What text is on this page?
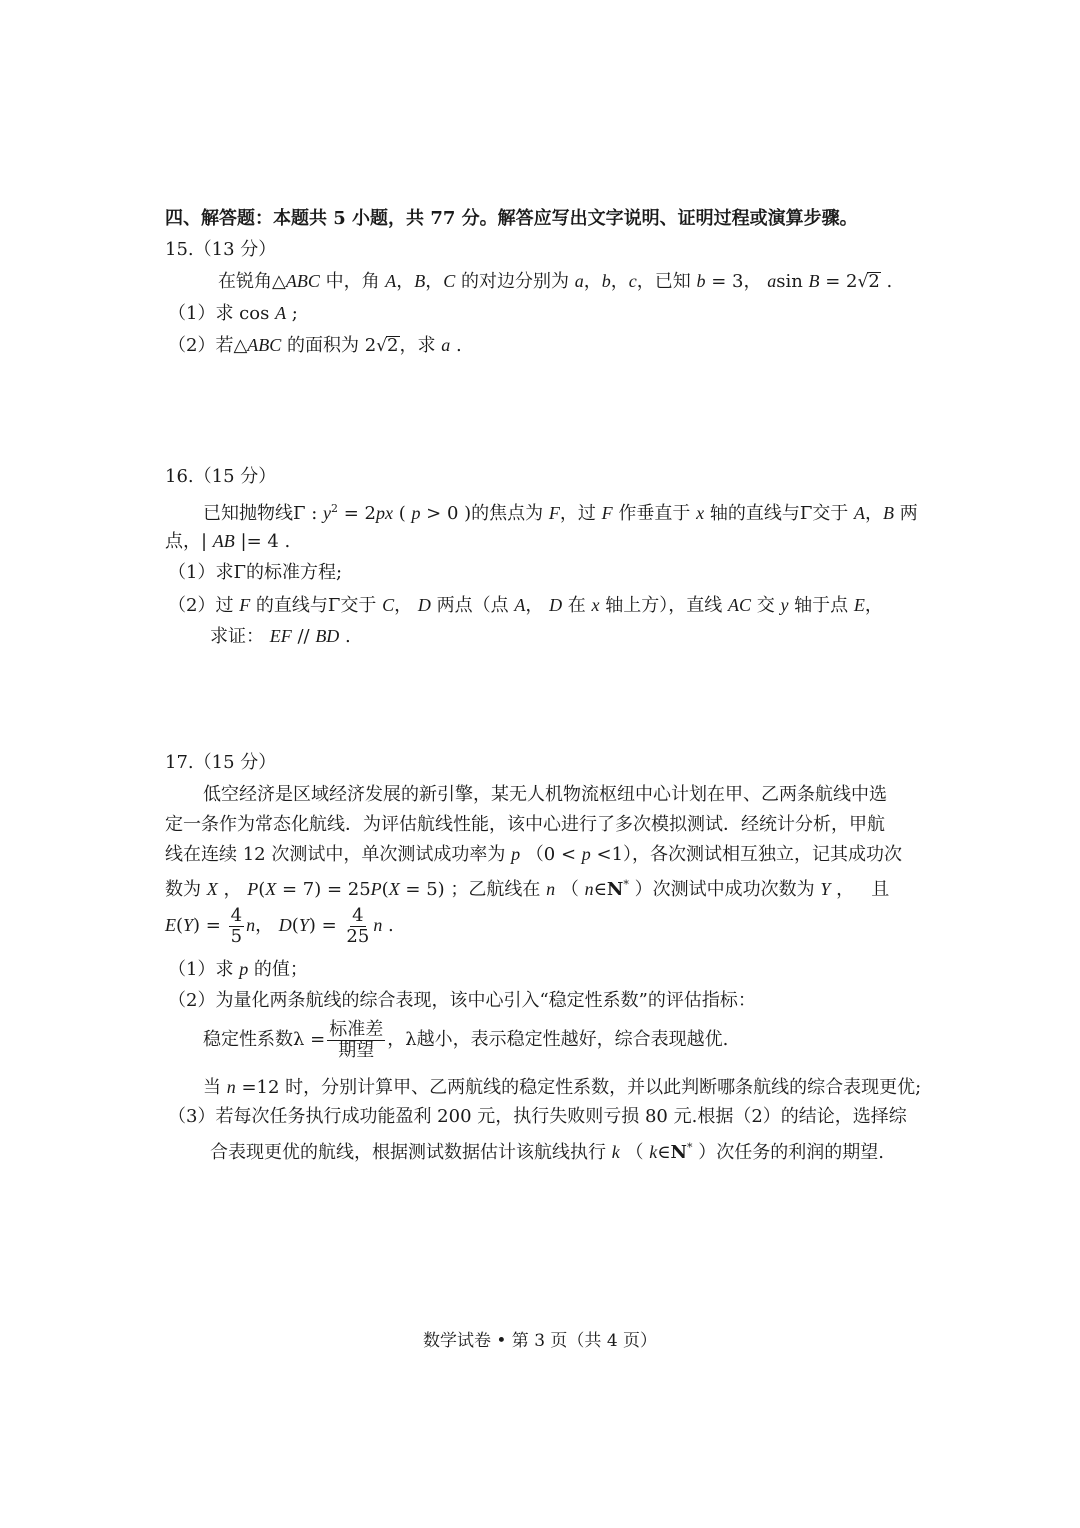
四、解答题：本题共 5 小题，共 77 分。解答应写出文字说明、证明过程或演算步骤。
15.（13 分）
在锐角△ABC 中，角 A，B，C 的对边分别为 a，b，c，已知 b = 3， asin B = 2√2 .
（1）求 cos A ;
（2）若△ABC 的面积为 2√2，求 a .
16.（15 分）
已知抛物线Γ : $y^2 = 2px$ ( p > 0 )的焦点为 F，过 F 作垂直于 x 轴的直线与Γ交于 A，B 两
点，| AB |= 4 .
（1）求Γ的标准方程;
（2）过 F 的直线与Γ交于 C， D 两点（点 A， D 在 x 轴上方），直线 AC 交 y 轴于点 E，
求证： EF // BD .
17.（15 分）
低空经济是区域经济发展的新引擎，某无人机物流枢纽中心计划在甲、乙两条航线中选
定一条作为常态化航线．为评估航线性能，该中心进行了多次模拟测试．经统计分析，甲航
线在连续 12 次测试中，单次测试成功率为 p （0 < p <1），各次测试相互独立，记其成功次
数为 X ， P(X = 7) = 25P(X = 5) ；乙航线在 n （ n∈N* ）次测试中成功次数为 Y ，   且
$E(Y) = \frac{4}{5}$ n， $D(Y) = \frac{4}{25}$ n .
（1）求 p 的值；
（2）为量化两条航线的综合表现，该中心引入“稳定性系数”的评估指标：
稳定性系数$\lambda = \frac{\text{标准差}}{\text{期望}}$ ，λ越小，表示稳定性越好，综合表现越优.
当 n =12 时，分别计算甲、乙两航线的稳定性系数，并以此判断哪条航线的综合表现更优;
（3）若每次任务执行成功能盈利 200 元，执行失败则亏损 80 元.根据（2）的结论，选择综
合表现更优的航线，根据测试数据估计该航线执行 k （ k∈N* ）次任务的利润的期望.
数学试卷 • 第 3 页（共 4 页）
